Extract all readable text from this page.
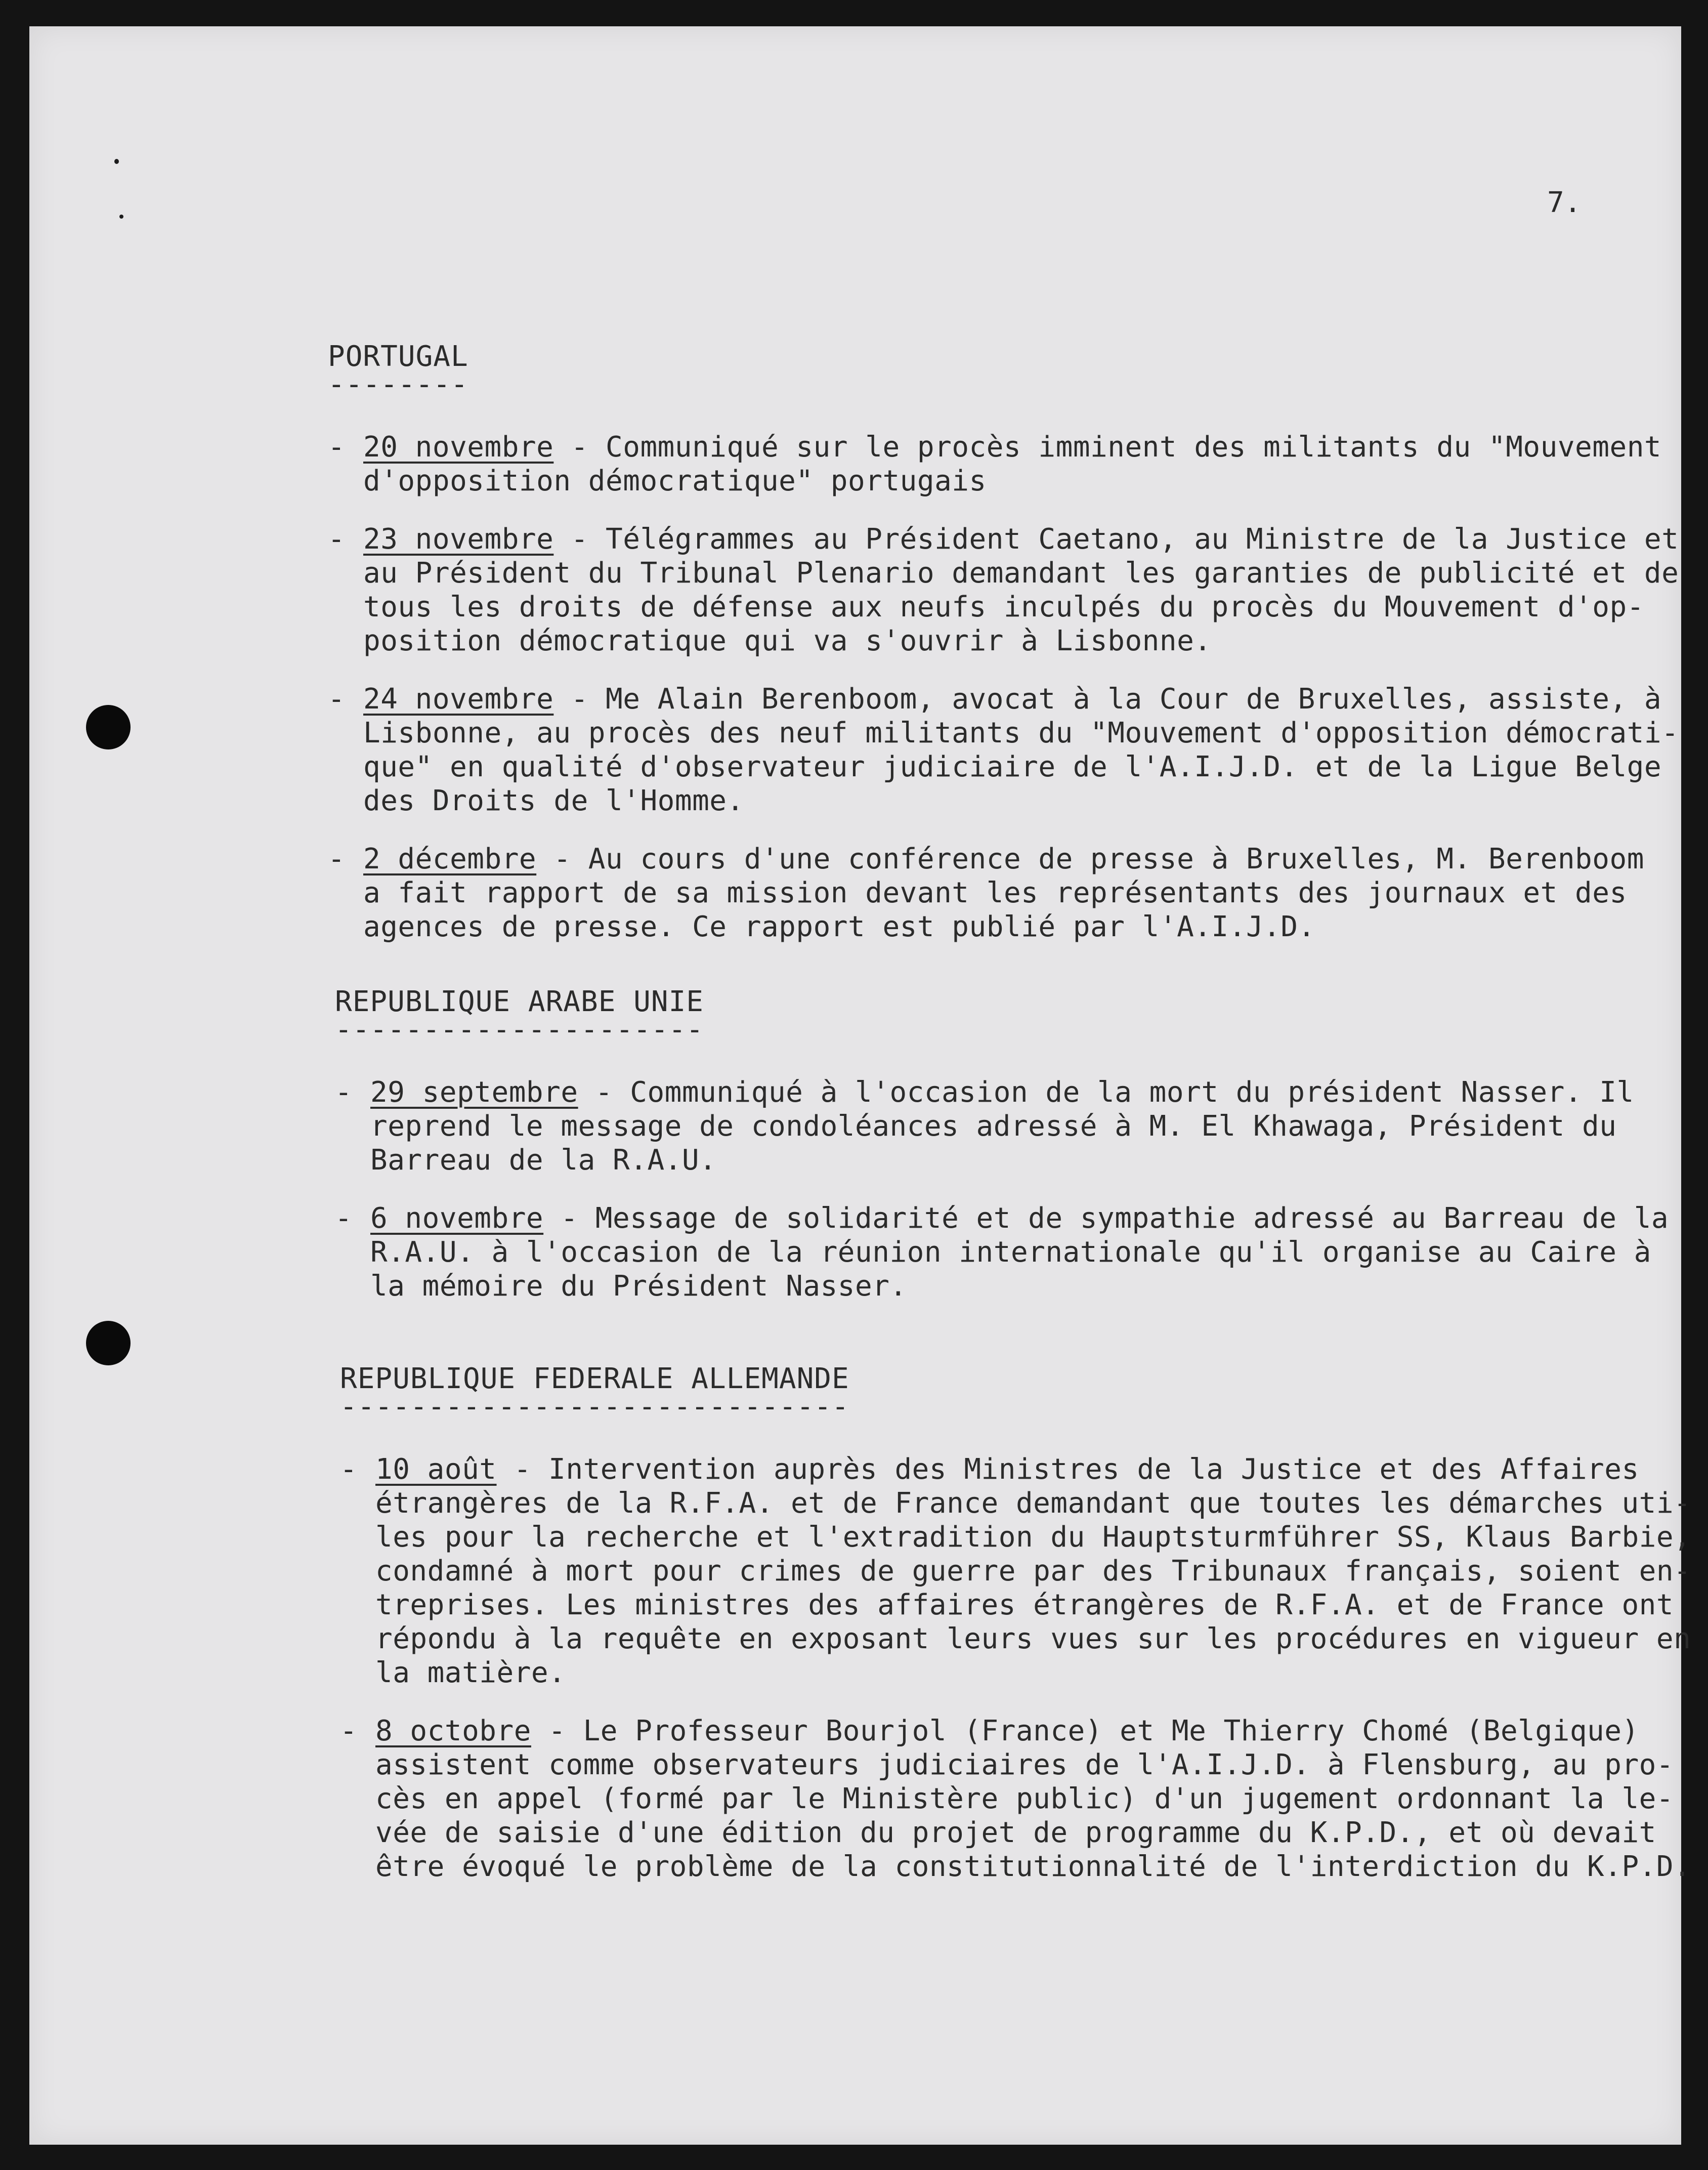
7.

PORTUGAL

--------

- 20 novembre - Communiqué sur le procès imminent des militants du "Mouvement

d'opposition démocratique" portugais

- 23 novembre - Télégrammes au Président Caetano, au Ministre de la Justice et

au Président du Tribunal Plenario demandant les garanties de publicité et de

tous les droits de défense aux neufs inculpés du procès du Mouvement d'op-

position démocratique qui va s'ouvrir à Lisbonne.

- 24 novembre - Me Alain Berenboom, avocat à la Cour de Bruxelles, assiste, à

Lisbonne, au procès des neuf militants du "Mouvement d'opposition démocrati-

que" en qualité d'observateur judiciaire de l'A.I.J.D. et de la Ligue Belge

des Droits de l'Homme.

- 2 décembre - Au cours d'une conférence de presse à Bruxelles, M. Berenboom

a fait rapport de sa mission devant les représentants des journaux et des

agences de presse. Ce rapport est publié par l'A.I.J.D.

REPUBLIQUE ARABE UNIE

---------------------

- 29 septembre - Communiqué à l'occasion de la mort du président Nasser. Il

reprend le message de condoléances adressé à M. El Khawaga, Président du

Barreau de la R.A.U.

- 6 novembre - Message de solidarité et de sympathie adressé au Barreau de la

R.A.U. à l'occasion de la réunion internationale qu'il organise au Caire à

la mémoire du Président Nasser.

REPUBLIQUE FEDERALE ALLEMANDE

-----------------------------

- 10 août - Intervention auprès des Ministres de la Justice et des Affaires

étrangères de la R.F.A. et de France demandant que toutes les démarches uti-

les pour la recherche et l'extradition du Hauptsturmführer SS, Klaus Barbie,

condamné à mort pour crimes de guerre par des Tribunaux français, soient en-

treprises. Les ministres des affaires étrangères de R.F.A. et de France ont

répondu à la requête en exposant leurs vues sur les procédures en vigueur en

la matière.

- 8 octobre - Le Professeur Bourjol (France) et Me Thierry Chomé (Belgique)

assistent comme observateurs judiciaires de l'A.I.J.D. à Flensburg, au pro-

cès en appel (formé par le Ministère public) d'un jugement ordonnant la le-

vée de saisie d'une édition du projet de programme du K.P.D., et où devait

être évoqué le problème de la constitutionnalité de l'interdiction du K.P.D.
